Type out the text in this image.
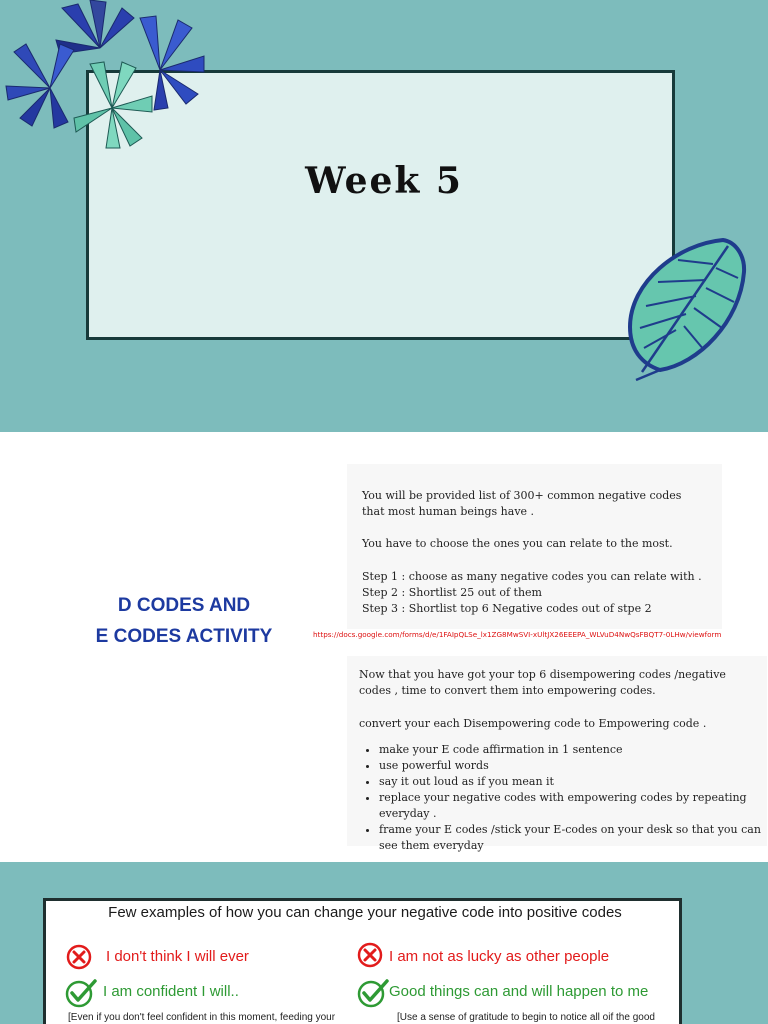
Week 5
D CODES AND
E CODES ACTIVITY
You will be provided list of 300+ common negative codes
that most human beings have .
You have to choose the ones you can relate to the most.
Step 1 : choose as many negative codes you can relate with .
Step 2 : Shortlist 25 out of them
Step 3 : Shortlist top 6 Negative codes out of stpe 2
https://docs.google.com/forms/d/e/1FAIpQLSe_lx1ZG8MwSVI-xUltJX26EEEPA_WLVuD4NwQsFBQT7-0LHw/viewform
Now that you have got your top 6 disempowering codes /negative
codes , time to convert them into empowering codes.
convert your each Disempowering code to Empowering code .
• make your E code affirmation in 1 sentence
• use powerful words
• say it out loud as if you mean it
• replace your negative codes with empowering codes by repeating everyday .
• frame your E codes /stick your E-codes on your desk so that you can see them everyday
Few examples of how you can change your negative code into positive codes
I don't think I will ever	I am not as lucky as other people
I am confident I will..	Good things can and will happen to me
[Even if you don't feel confident in this moment, feeding your	[Use a sense of gratitude to begin to notice all oif the good
